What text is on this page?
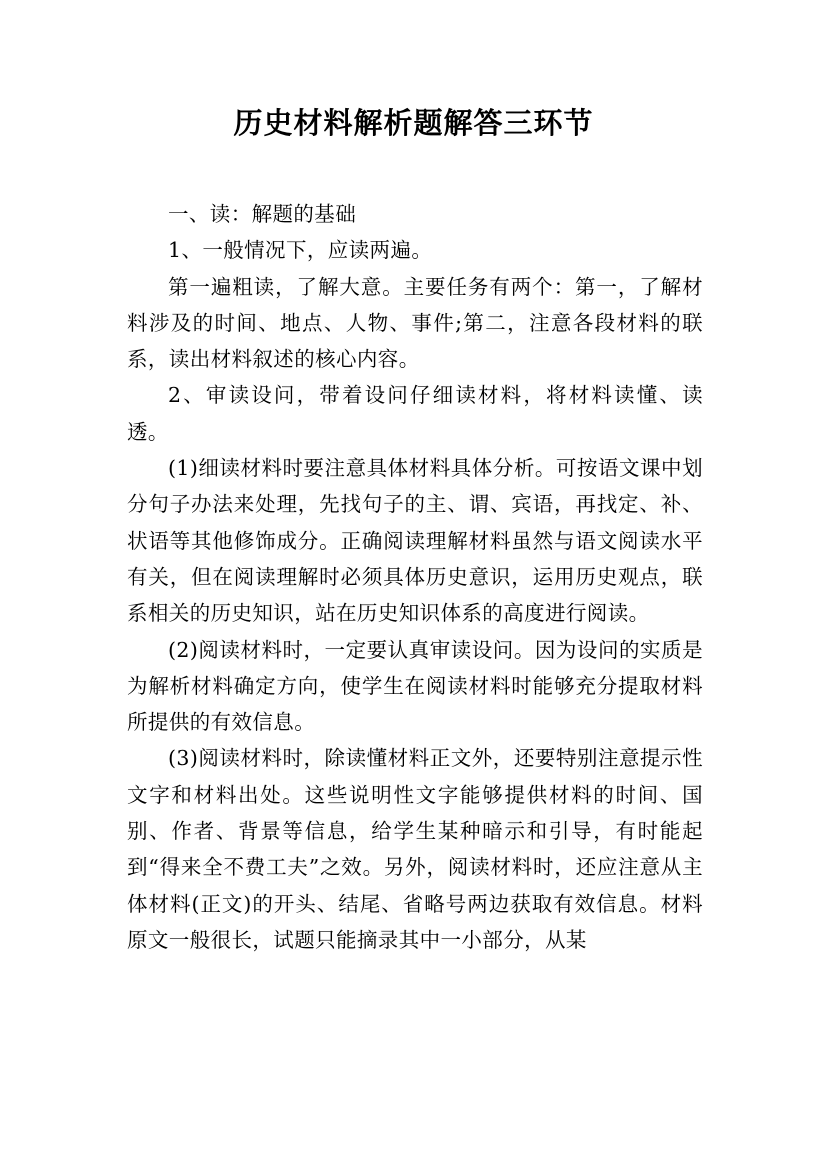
历史材料解析题解答三环节

一、读：解题的基础

1、一般情况下，应读两遍。

第一遍粗读，了解大意。主要任务有两个：第一，了解材料涉及的时间、地点、人物、事件;第二，注意各段材料的联系，读出材料叙述的核心内容。

2、审读设问，带着设问仔细读材料，将材料读懂、读透。

(1)细读材料时要注意具体材料具体分析。可按语文课中划分句子办法来处理，先找句子的主、谓、宾语，再找定、补、状语等其他修饰成分。正确阅读理解材料虽然与语文阅读水平有关，但在阅读理解时必须具体历史意识，运用历史观点，联系相关的历史知识，站在历史知识体系的高度进行阅读。

(2)阅读材料时，一定要认真审读设问。因为设问的实质是为解析材料确定方向，使学生在阅读材料时能够充分提取材料所提供的有效信息。

(3)阅读材料时，除读懂材料正文外，还要特别注意提示性文字和材料出处。这些说明性文字能够提供材料的时间、国别、作者、背景等信息，给学生某种暗示和引导，有时能起到“得来全不费工夫”之效。另外，阅读材料时，还应注意从主体材料(正文)的开头、结尾、省略号两边获取有效信息。材料原文一般很长，试题只能摘录其中一小部分，从某
